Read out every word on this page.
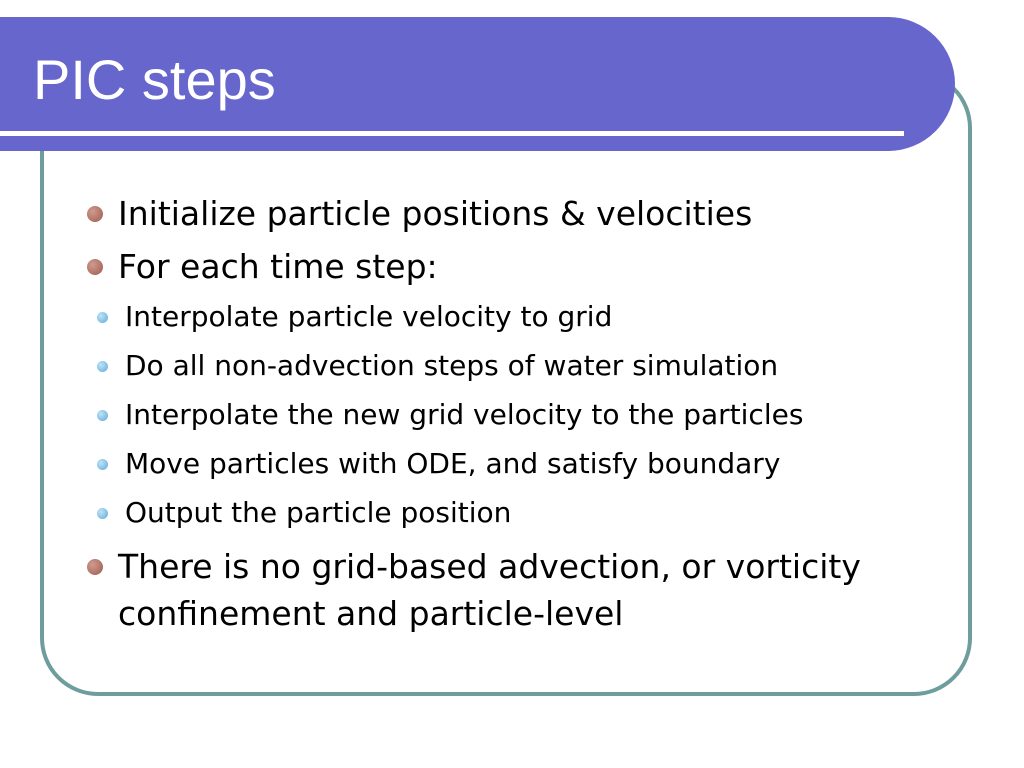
PIC steps
Initialize particle positions & velocities
For each time step:
Interpolate particle velocity to grid
Do all non-advection steps of water simulation
Interpolate the new grid velocity to the particles
Move particles with ODE, and satisfy boundary
Output the particle position
There is no grid-based advection, or vorticity confinement and particle-level
